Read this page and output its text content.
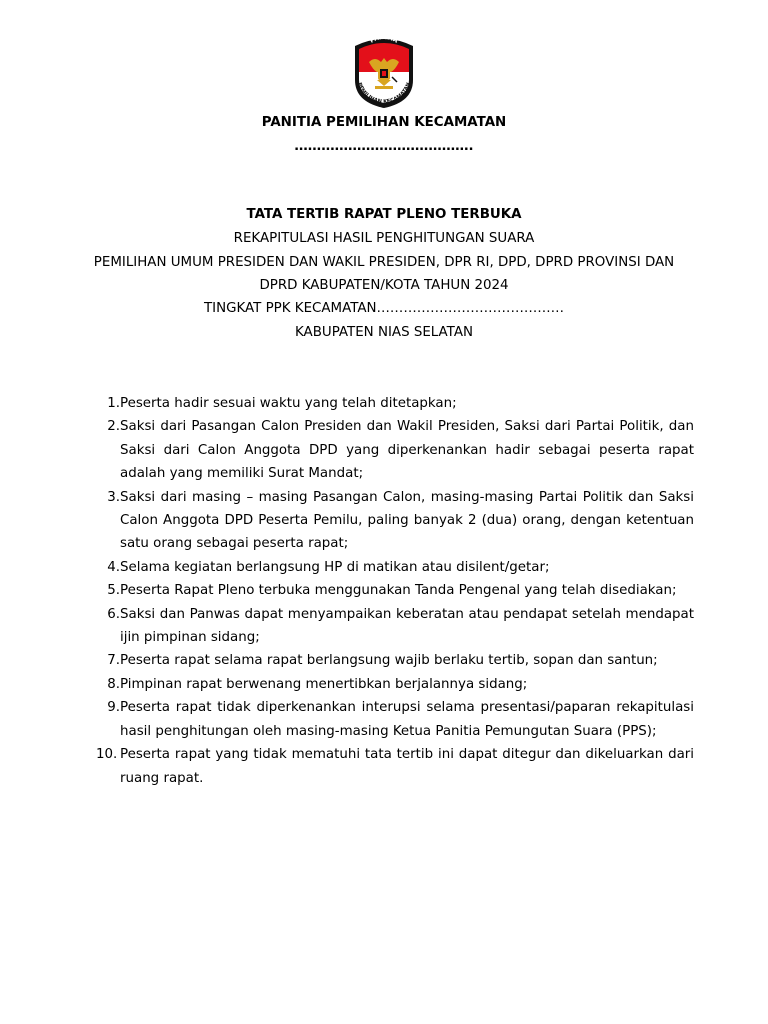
PANITIA
PEMILIHAN KECAMATAN
PANITIA PEMILIHAN KECAMATAN
………………………………….
TATA TERTIB RAPAT PLENO TERBUKA
REKAPITULASI HASIL PENGHITUNGAN SUARA
PEMILIHAN UMUM PRESIDEN DAN WAKIL PRESIDEN, DPR RI, DPD, DPRD PROVINSI DAN
DPRD KABUPATEN/KOTA TAHUN 2024
TINGKAT PPK KECAMATAN……………………………………
KABUPATEN NIAS SELATAN
1. Peserta hadir sesuai waktu yang telah ditetapkan;
2. Saksi dari Pasangan Calon Presiden dan Wakil Presiden, Saksi dari Partai Politik, dan Saksi dari Calon Anggota DPD yang diperkenankan hadir sebagai peserta rapat adalah yang memiliki Surat Mandat;
3. Saksi dari masing – masing Pasangan Calon, masing-masing Partai Politik dan Saksi Calon Anggota DPD Peserta Pemilu, paling banyak 2 (dua) orang, dengan ketentuan satu orang sebagai peserta rapat;
4. Selama kegiatan berlangsung HP di matikan atau disilent/getar;
5. Peserta Rapat Pleno terbuka menggunakan Tanda Pengenal yang telah disediakan;
6. Saksi dan Panwas dapat menyampaikan keberatan atau pendapat setelah mendapat ijin pimpinan sidang;
7. Peserta rapat selama rapat berlangsung wajib berlaku tertib, sopan dan santun;
8. Pimpinan rapat berwenang menertibkan berjalannya sidang;
9. Peserta rapat tidak diperkenankan interupsi selama presentasi/paparan rekapitulasi hasil penghitungan oleh masing-masing Ketua Panitia Pemungutan Suara (PPS);
10. Peserta rapat yang tidak mematuhi tata tertib ini dapat ditegur dan dikeluarkan dari ruang rapat.
